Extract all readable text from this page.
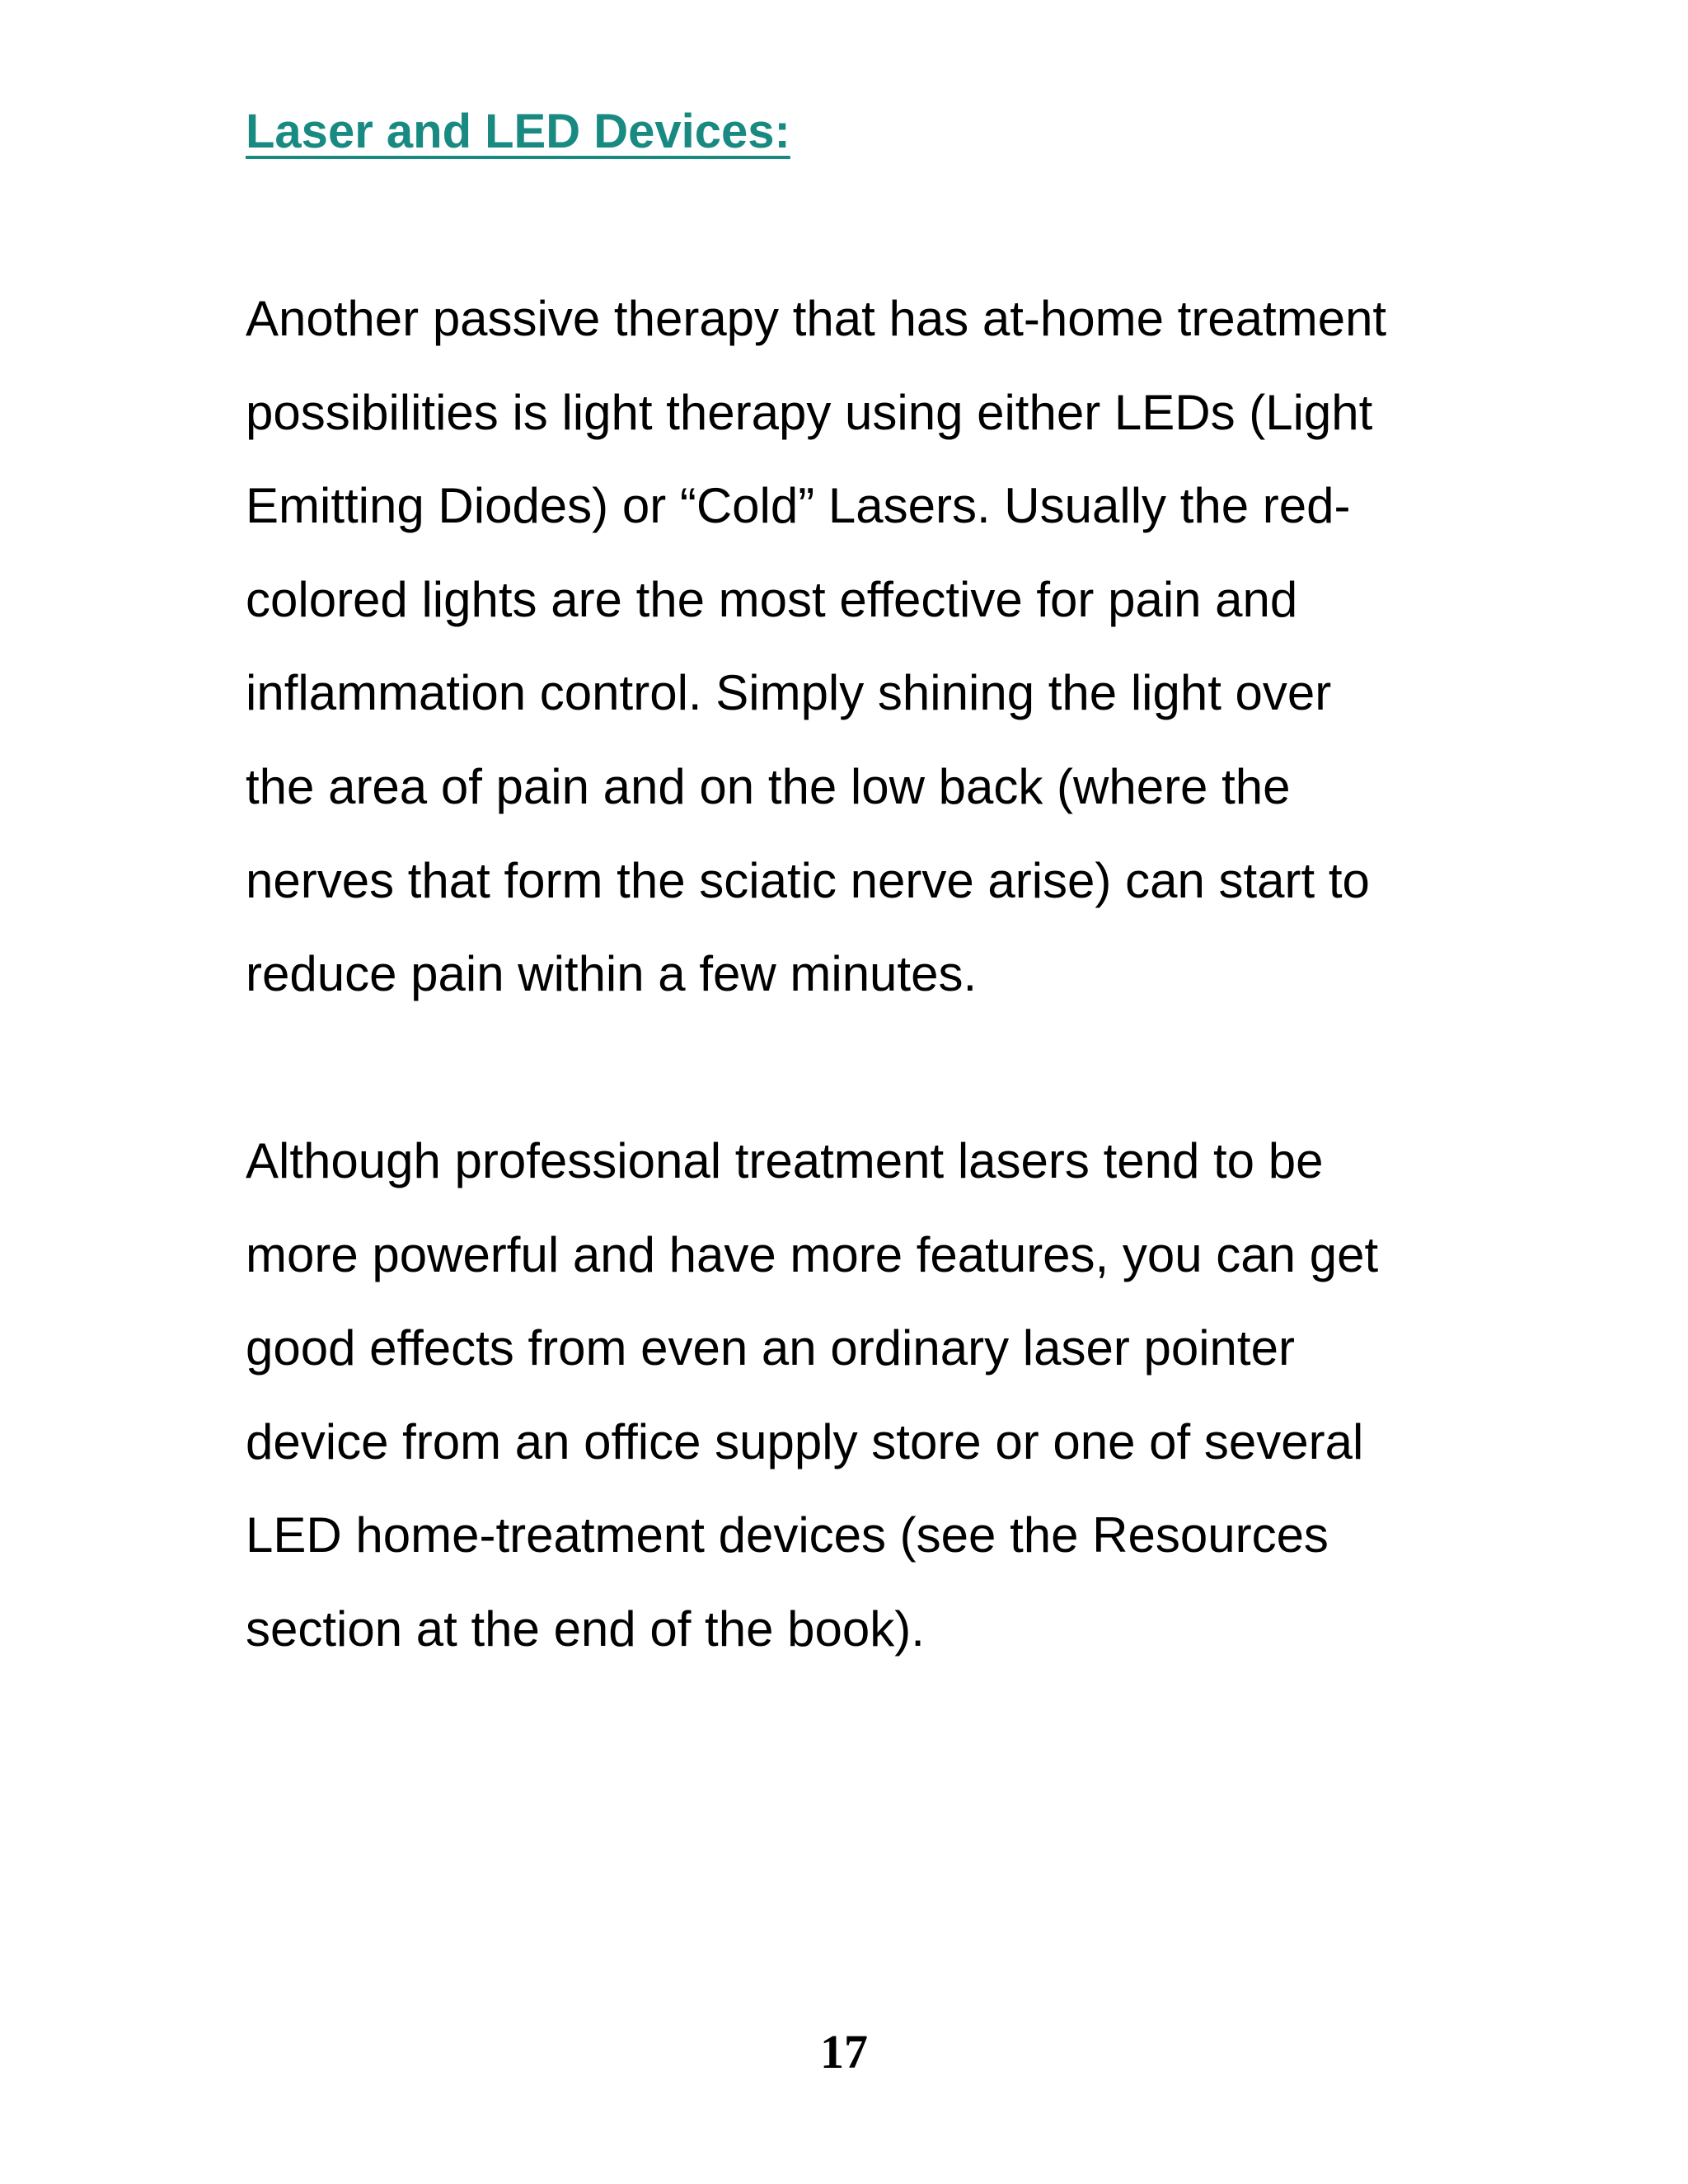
Laser and LED Devices:

Another passive therapy that has at-home treatment
possibilities is light therapy using either LEDs (Light
Emitting Diodes) or “Cold” Lasers. Usually the red-
colored lights are the most effective for pain and
inflammation control. Simply shining the light over
the area of pain and on the low back (where the
nerves that form the sciatic nerve arise) can start to
reduce pain within a few minutes.

Although professional treatment lasers tend to be
more powerful and have more features, you can get
good effects from even an ordinary laser pointer
device from an office supply store or one of several
LED home-treatment devices (see the Resources
section at the end of the book).

17
